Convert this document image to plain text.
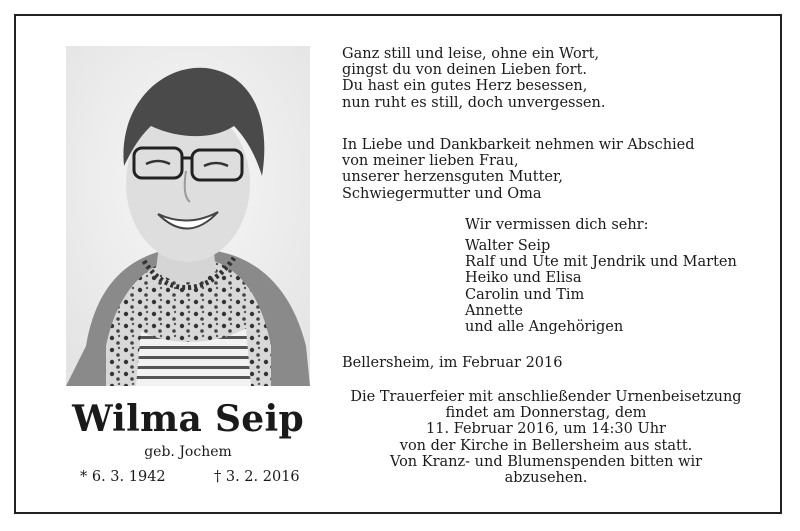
Wilma Seip
geb. Jochem
* 6. 3. 1942	† 3. 2. 2016
Ganz still und leise, ohne ein Wort,
gingst du von deinen Lieben fort.
Du hast ein gutes Herz besessen,
nun ruht es still, doch unvergessen.
In Liebe und Dankbarkeit nehmen wir Abschied
von meiner lieben Frau,
unserer herzensguten Mutter,
Schwiegermutter und Oma
Wir vermissen dich sehr:
Walter Seip
Ralf und Ute mit Jendrik und Marten
Heiko und Elisa
Carolin und Tim
Annette
und alle Angehörigen
Bellersheim, im Februar 2016
Die Trauerfeier mit anschließender Urnenbeisetzung
findet am Donnerstag, dem
11. Februar 2016, um 14:30 Uhr
von der Kirche in Bellersheim aus statt.
Von Kranz- und Blumenspenden bitten wir
abzusehen.
